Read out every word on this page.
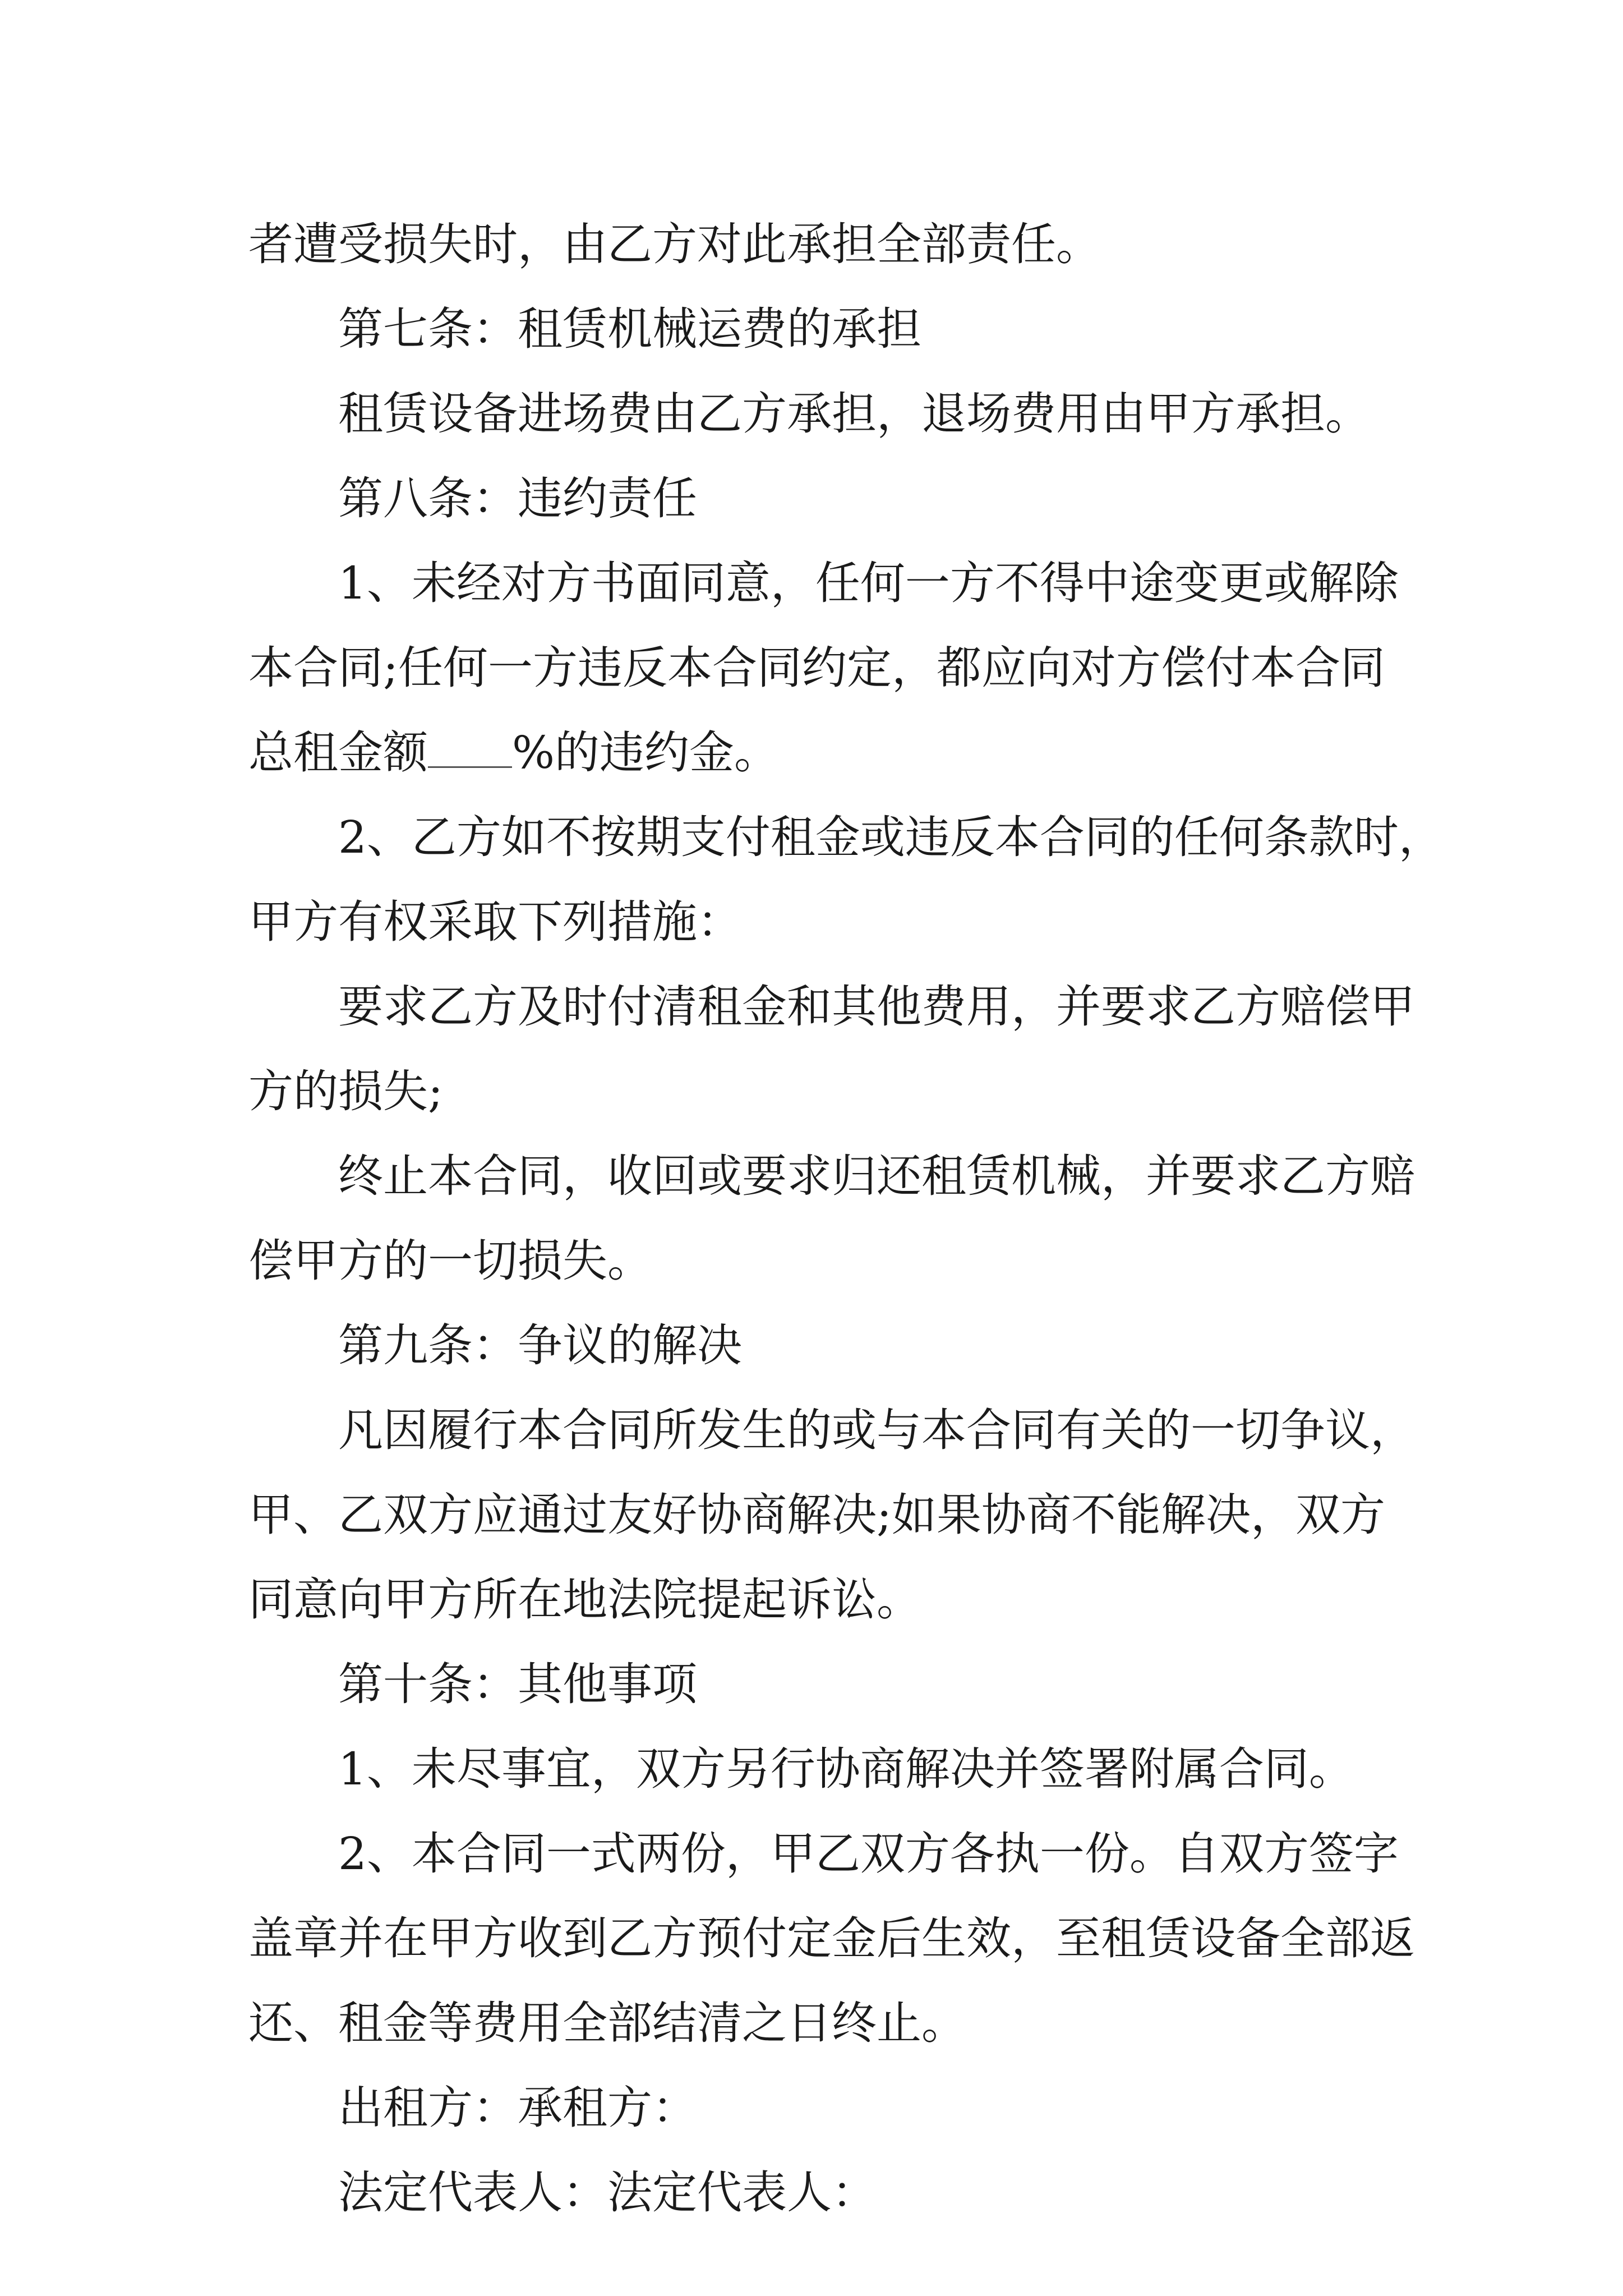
者遭受损失时，由乙方对此承担全部责任。
第七条：租赁机械运费的承担
租赁设备进场费由乙方承担，退场费用由甲方承担。
第八条：违约责任
1、未经对方书面同意，任何一方不得中途变更或解除
本合同;任何一方违反本合同约定，都应向对方偿付本合同
总租金额 %的违约金。
2、乙方如不按期支付租金或违反本合同的任何条款时，
甲方有权采取下列措施：
要求乙方及时付清租金和其他费用，并要求乙方赔偿甲
方的损失;
终止本合同，收回或要求归还租赁机械，并要求乙方赔
偿甲方的一切损失。
第九条：争议的解决
凡因履行本合同所发生的或与本合同有关的一切争议，
甲、乙双方应通过友好协商解决;如果协商不能解决，双方
同意向甲方所在地法院提起诉讼。
第十条：其他事项
1、未尽事宜，双方另行协商解决并签署附属合同。
2、本合同一式两份，甲乙双方各执一份。自双方签字
盖章并在甲方收到乙方预付定金后生效，至租赁设备全部返
还、租金等费用全部结清之日终止。
出租方：承租方：
法定代表人：法定代表人：
